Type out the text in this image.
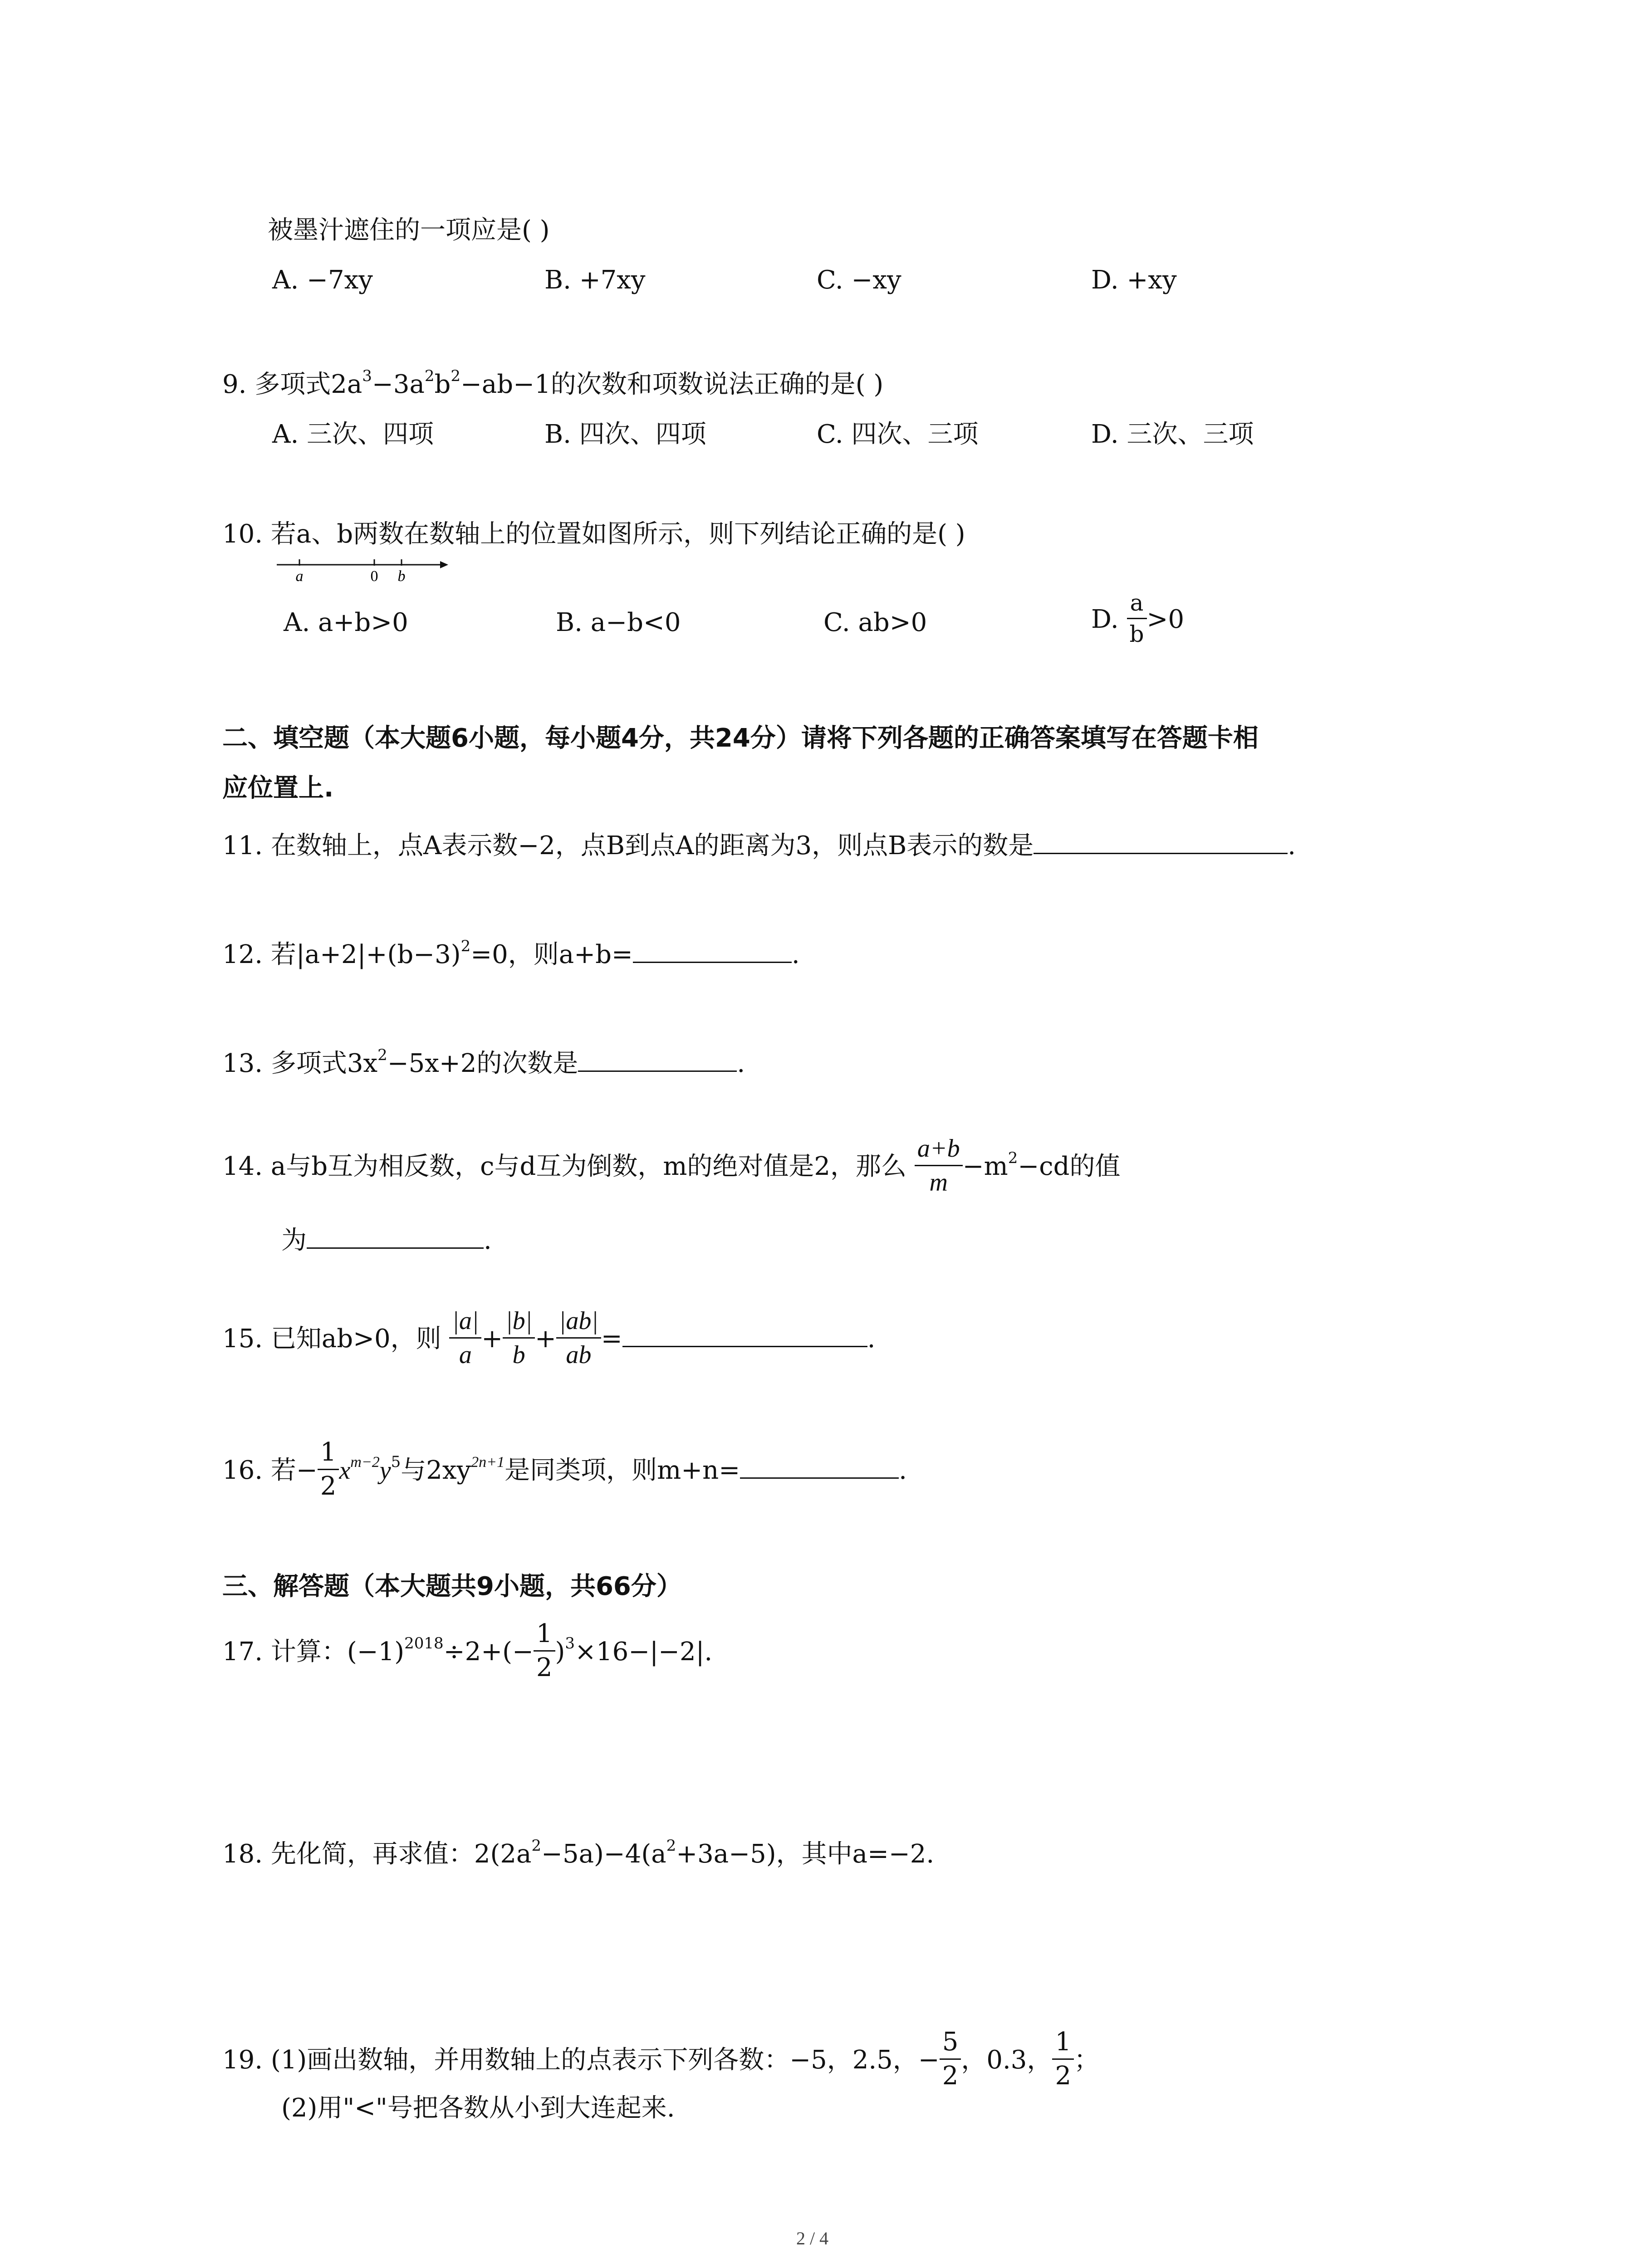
被墨汁遮住的一项应是( )
A. −7xy	B. +7xy	C. −xy	D. +xy
9. 多项式$2a^3-3a^2b^2-ab-1$的次数和项数说法正确的是( )
A. 三次、四项	B. 四次、四项	C. 四次、三项	D. 三次、三项
10. 若a、b两数在数轴上的位置如图所示，则下列结论正确的是( )
a	0 b
A. a+b>0	B. a−b<0	C. ab>0	D. $\frac{a}{b} >0$
二、填空题（本大题6小题，每小题4分，共24分）请将下列各题的正确答案填写在答题卡相
应位置上.
11. 在数轴上，点A表示数−2，点B到点A的距离为3，则点B表示的数是	.
12. 若$|a+2|+(b-3)^2=0$，则a+b=	.
13. 多项式$3x^2-5x+2$的次数是	.
14. a与b互为相反数，c与d互为倒数，m的绝对值是2，那么 $\frac{a+b}{m} -m^2-cd$的值
为	.
15. 已知ab>0，则 $\frac{|a|}{a} + \frac{|b|}{b} + \frac{|ab|}{ab}$ =	.
16. 若− $\frac{1}{2} x^{m-2}y^5$与$2xy^{2n+1}$是同类项，则m+n=	.
三、解答题（本大题共9小题，共66分）
17. 计算：$(-1)^{2018}\div 2+(- \frac{1}{2} )^3\times 16-|-2|$.
18. 先化简，再求值：$2(2a^2-5a)-4(a^2+3a-5)$，其中a=−2.
19. (1)画出数轴，并用数轴上的点表示下列各数：−5，2.5，− $\frac{5}{2}$ ，0.3， $\frac{1}{2}$ ；
(2)用"<"号把各数从小到大连起来.
2 / 4
